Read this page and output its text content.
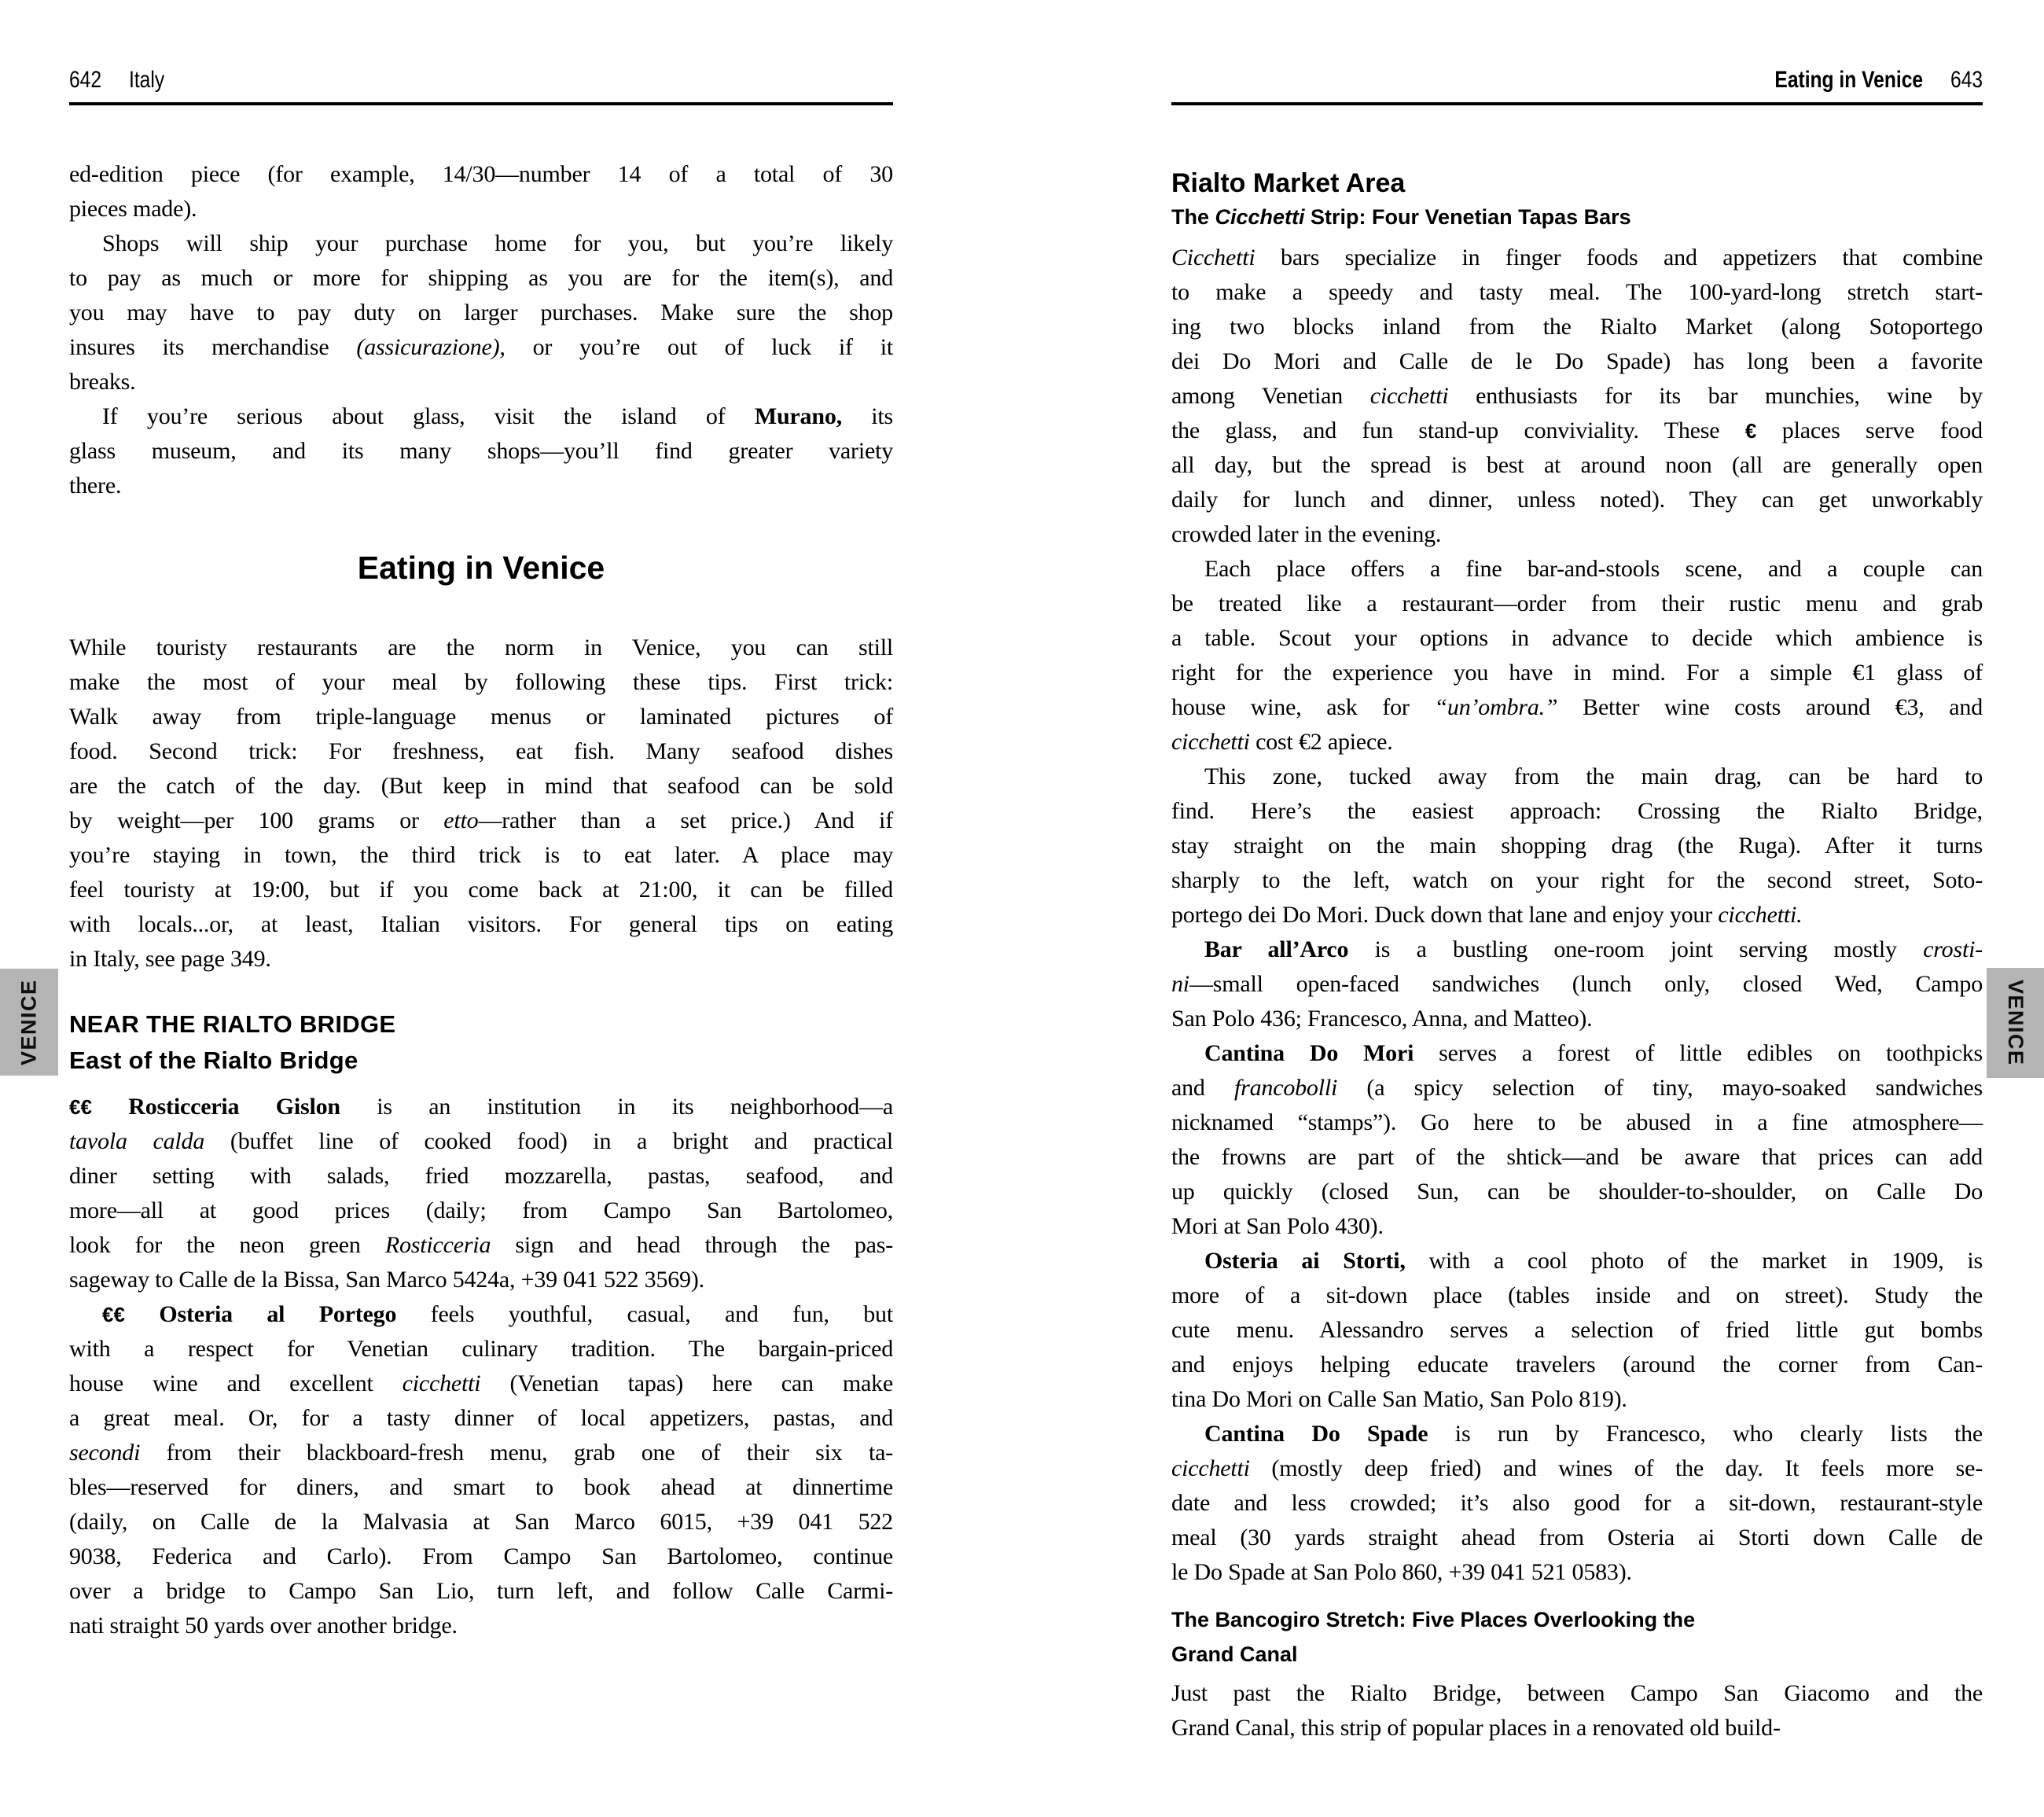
642 Italy
ed-edition piece (for example, 14/30—number 14 of a total of 30
pieces made).
Shops will ship your purchase home for you, but you’re likely
to pay as much or more for shipping as you are for the item(s), and
you may have to pay duty on larger purchases. Make sure the shop
insures its merchandise (assicurazione), or you’re out of luck if it
breaks.
If you’re serious about glass, visit the island of Murano, its
glass museum, and its many shops—you’ll find greater variety
there.
Eating in Venice
While touristy restaurants are the norm in Venice, you can still
make the most of your meal by following these tips. First trick:
Walk away from triple-language menus or laminated pictures of
food. Second trick: For freshness, eat fish. Many seafood dishes
are the catch of the day. (But keep in mind that seafood can be sold
by weight—per 100 grams or etto—rather than a set price.) And if
you’re staying in town, the third trick is to eat later. A place may
feel touristy at 19:00, but if you come back at 21:00, it can be filled
with locals...or, at least, Italian visitors. For general tips on eating
in Italy, see page 349.
NEAR THE RIALTO BRIDGE
East of the Rialto Bridge
€€ Rosticceria Gislon is an institution in its neighborhood—a
tavola calda (buffet line of cooked food) in a bright and practical
diner setting with salads, fried mozzarella, pastas, seafood, and
more—all at good prices (daily; from Campo San Bartolomeo,
look for the neon green Rosticceria sign and head through the pas-
sageway to Calle de la Bissa, San Marco 5424a, +39 041 522 3569).
€€ Osteria al Portego feels youthful, casual, and fun, but
with a respect for Venetian culinary tradition. The bargain-priced
house wine and excellent cicchetti (Venetian tapas) here can make
a great meal. Or, for a tasty dinner of local appetizers, pastas, and
secondi from their blackboard-fresh menu, grab one of their six ta-
bles—reserved for diners, and smart to book ahead at dinnertime
(daily, on Calle de la Malvasia at San Marco 6015, +39 041 522
9038, Federica and Carlo). From Campo San Bartolomeo, continue
over a bridge to Campo San Lio, turn left, and follow Calle Carmi-
nati straight 50 yards over another bridge.
Eating in Venice 643
Rialto Market Area
The Cicchetti Strip: Four Venetian Tapas Bars
Cicchetti bars specialize in finger foods and appetizers that combine
to make a speedy and tasty meal. The 100-yard-long stretch start-
ing two blocks inland from the Rialto Market (along Sotoportego
dei Do Mori and Calle de le Do Spade) has long been a favorite
among Venetian cicchetti enthusiasts for its bar munchies, wine by
the glass, and fun stand-up conviviality. These € places serve food
all day, but the spread is best at around noon (all are generally open
daily for lunch and dinner, unless noted). They can get unworkably
crowded later in the evening.
Each place offers a fine bar-and-stools scene, and a couple can
be treated like a restaurant—order from their rustic menu and grab
a table. Scout your options in advance to decide which ambience is
right for the experience you have in mind. For a simple €1 glass of
house wine, ask for “un’ombra.” Better wine costs around €3, and
cicchetti cost €2 apiece.
This zone, tucked away from the main drag, can be hard to
find. Here’s the easiest approach: Crossing the Rialto Bridge,
stay straight on the main shopping drag (the Ruga). After it turns
sharply to the left, watch on your right for the second street, Soto-
portego dei Do Mori. Duck down that lane and enjoy your cicchetti.
Bar all’Arco is a bustling one-room joint serving mostly crosti-
ni—small open-faced sandwiches (lunch only, closed Wed, Campo
San Polo 436; Francesco, Anna, and Matteo).
Cantina Do Mori serves a forest of little edibles on toothpicks
and francobolli (a spicy selection of tiny, mayo-soaked sandwiches
nicknamed “stamps”). Go here to be abused in a fine atmosphere—
the frowns are part of the shtick—and be aware that prices can add
up quickly (closed Sun, can be shoulder-to-shoulder, on Calle Do
Mori at San Polo 430).
Osteria ai Storti, with a cool photo of the market in 1909, is
more of a sit-down place (tables inside and on street). Study the
cute menu. Alessandro serves a selection of fried little gut bombs
and enjoys helping educate travelers (around the corner from Can-
tina Do Mori on Calle San Matio, San Polo 819).
Cantina Do Spade is run by Francesco, who clearly lists the
cicchetti (mostly deep fried) and wines of the day. It feels more se-
date and less crowded; it’s also good for a sit-down, restaurant-style
meal (30 yards straight ahead from Osteria ai Storti down Calle de
le Do Spade at San Polo 860, +39 041 521 0583).
The Bancogiro Stretch: Five Places Overlooking the
Grand Canal
Just past the Rialto Bridge, between Campo San Giacomo and the
Grand Canal, this strip of popular places in a renovated old build-
VENICE	VENICE
